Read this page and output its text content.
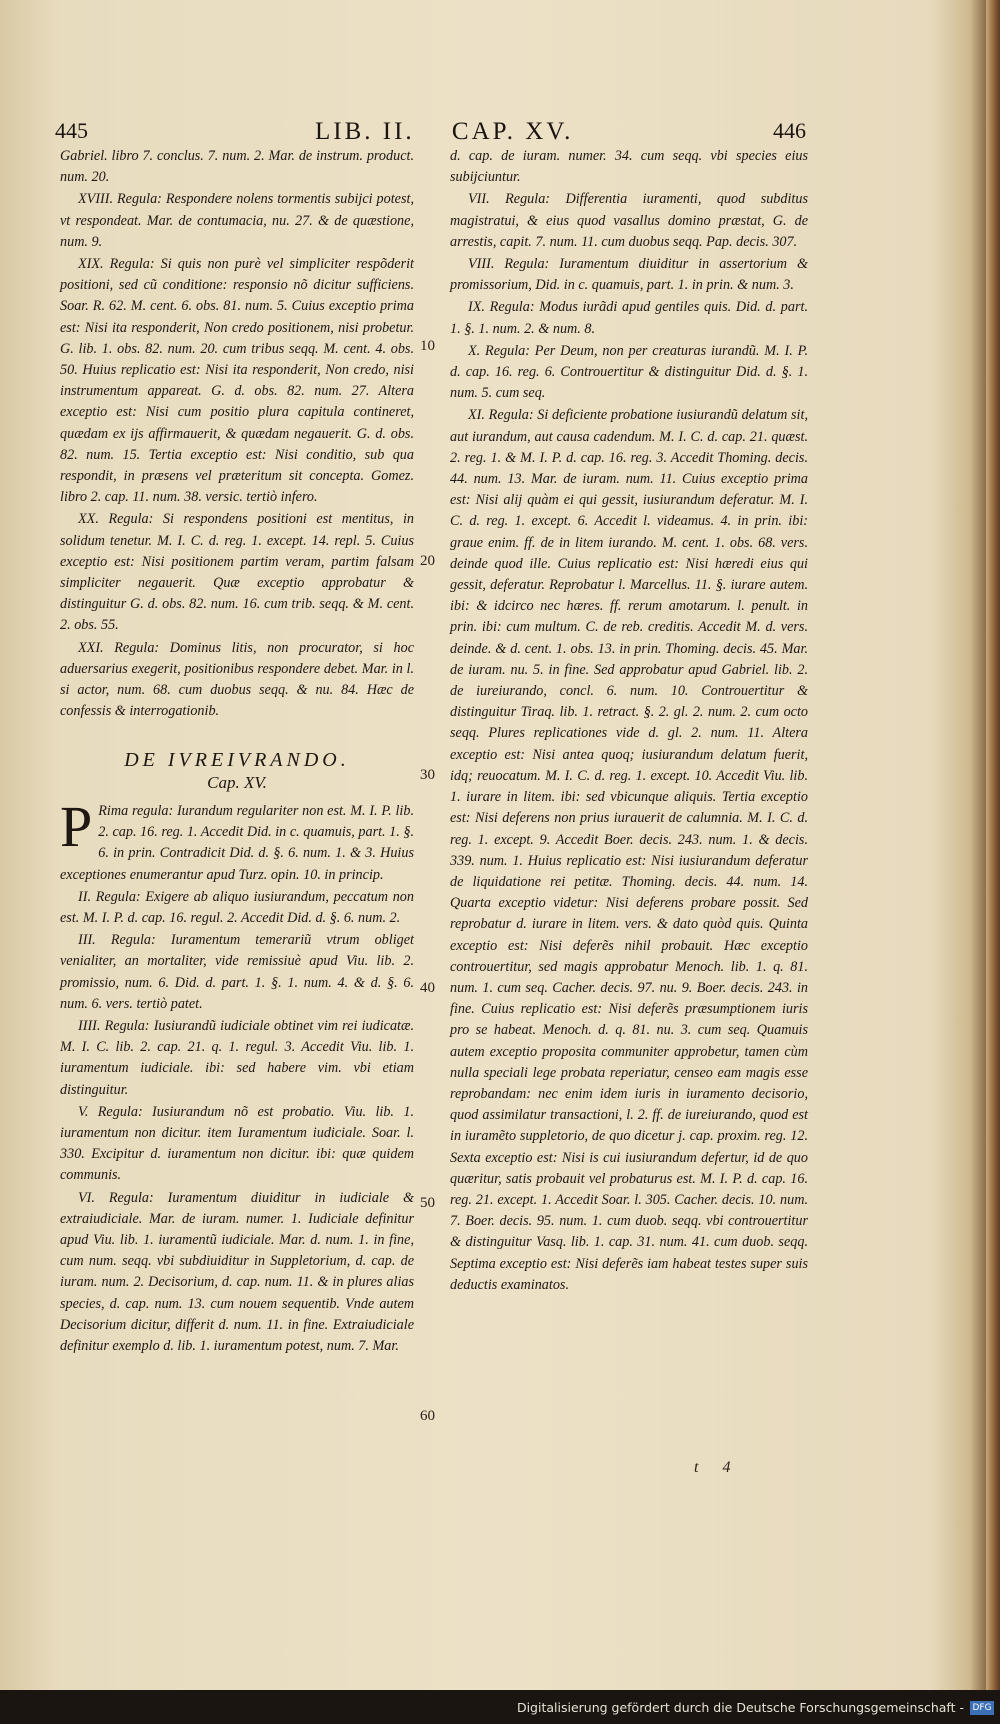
445	LIB. II. CAP. XV.	446

Gabriel. libro 7. conclus. 7. num. 2. Mar. de instrum. product. num. 20.

XVIII. Regula: Respondere nolens tormentis subijci potest, vt respondeat. Mar. de contumacia, nu. 27. & de quæstione, num. 9.

XIX. Regula: Si quis non purè vel simpliciter respõderit positioni, sed cũ conditione: responsio nõ dicitur sufficiens. Soar. R. 62. M. cent. 6. obs. 81. num. 5. Cuius exceptio prima est: Nisi ita responderit, Non credo positionem, nisi probetur. G. lib. 1. obs. 82. num. 20. cum tribus seqq. M. cent. 4. obs. 50. Huius replicatio est: Nisi ita responderit, Non credo, nisi instrumentum appareat. G. d. obs. 82. num. 27. Altera exceptio est: Nisi cum positio plura capitula contineret, quædam ex ijs affirmauerit, & quædam negauerit. G. d. obs. 82. num. 15. Tertia exceptio est: Nisi conditio, sub qua respondit, in præsens vel præteritum sit concepta. Gomez. libro 2. cap. 11. num. 38. versic. tertiò infero.

XX. Regula: Si respondens positioni est mentitus, in solidum tenetur. M. I. C. d. reg. 1. except. 14. repl. 5. Cuius exceptio est: Nisi positionem partim veram, partim falsam simpliciter negauerit. Quæ exceptio approbatur & distinguitur G. d. obs. 82. num. 16. cum trib. seqq. & M. cent. 2. obs. 55.

XXI. Regula: Dominus litis, non procurator, si hoc aduersarius exegerit, positionibus respondere debet. Mar. in l. si actor, num. 68. cum duobus seqq. & nu. 84. Hæc de confessis & interrogationib.

DE IVREIVRANDO.
Cap. XV.

P Rima regula: Iurandum regulariter non est. M. I. P. lib. 2. cap. 16. reg. 1. Accedit Did. in c. quamuis, part. 1. §. 6. in prin. Contradicit Did. d. §. 6. num. 1. & 3. Huius exceptiones enumerantur apud Turz. opin. 10. in princip.

II. Regula: Exigere ab aliquo iusiurandum, peccatum non est. M. I. P. d. cap. 16. regul. 2. Accedit Did. d. §. 6. num. 2.

III. Regula: Iuramentum temerariũ vtrum obliget venialiter, an mortaliter, vide remissiuè apud Viu. lib. 2. promissio, num. 6. Did. d. part. 1. §. 1. num. 4. & d. §. 6. num. 6. vers. tertiò patet.

IIII. Regula: Iusiurandũ iudiciale obtinet vim rei iudicatæ. M. I. C. lib. 2. cap. 21. q. 1. regul. 3. Accedit Viu. lib. 1. iuramentum iudiciale. ibi: sed habere vim. vbi etiam distinguitur.

V. Regula: Iusiurandum nõ est probatio. Viu. lib. 1. iuramentum non dicitur. item Iuramentum iudiciale. Soar. l. 330. Excipitur d. iuramentum non dicitur. ibi: quæ quidem communis.

VI. Regula: Iuramentum diuiditur in iudiciale & extraiudiciale. Mar. de iuram. numer. 1. Iudiciale definitur apud Viu. lib. 1. iuramentũ iudiciale. Mar. d. num. 1. in fine, cum num. seqq. vbi subdiuiditur in Suppletorium, d. cap. de iuram. num. 2. Decisorium, d. cap. num. 11. & in plures alias species, d. cap. num. 13. cum nouem sequentib. Vnde autem Decisorium dicitur, differit d. num. 11. in fine. Extraiudiciale definitur exemplo d. lib. 1. iuramentum potest, num. 7. Mar.

d. cap. de iuram. numer. 34. cum seqq. vbi species eius subijciuntur.

VII. Regula: Differentia iuramenti, quod subditus magistratui, & eius quod vasallus domino præstat, G. de arrestis, capit. 7. num. 11. cum duobus seqq. Pap. decis. 307.

VIII. Regula: Iuramentum diuiditur in assertorium & promissorium, Did. in c. quamuis, part. 1. in prin. & num. 3.

IX. Regula: Modus iurãdi apud gentiles quis. Did. d. part. 1. §. 1. num. 2. & num. 8.

X. Regula: Per Deum, non per creaturas iurandũ. M. I. P. d. cap. 16. reg. 6. Controuertitur & distinguitur Did. d. §. 1. num. 5. cum seq.

XI. Regula: Si deficiente probatione iusiurandũ delatum sit, aut iurandum, aut causa cadendum. M. I. C. d. cap. 21. quæst. 2. reg. 1. & M. I. P. d. cap. 16. reg. 3. Accedit Thoming. decis. 44. num. 13. Mar. de iuram. num. 11. Cuius exceptio prima est: Nisi alij quàm ei qui gessit, iusiurandum deferatur. M. I. C. d. reg. 1. except. 6. Accedit l. videamus. 4. in prin. ibi: graue enim. ff. de in litem iurando. M. cent. 1. obs. 68. vers. deinde quod ille. Cuius replicatio est: Nisi hæredi eius qui gessit, deferatur. Reprobatur l. Marcellus. 11. §. iurare autem. ibi: & idcirco nec hæres. ff. rerum amotarum. l. penult. in prin. ibi: cum multum. C. de reb. creditis. Accedit M. d. vers. deinde. & d. cent. 1. obs. 13. in prin. Thoming. decis. 45. Mar. de iuram. nu. 5. in fine. Sed approbatur apud Gabriel. lib. 2. de iureiurando, concl. 6. num. 10. Controuertitur & distinguitur Tiraq. lib. 1. retract. §. 2. gl. 2. num. 2. cum octo seqq. Plures replicationes vide d. gl. 2. num. 11. Altera exceptio est: Nisi antea quoq; iusiurandum delatum fuerit, idq; reuocatum. M. I. C. d. reg. 1. except. 10. Accedit Viu. lib. 1. iurare in litem. ibi: sed vbicunque aliquis. Tertia exceptio est: Nisi deferens non prius iurauerit de calumnia. M. I. C. d. reg. 1. except. 9. Accedit Boer. decis. 243. num. 1. & decis. 339. num. 1. Huius replicatio est: Nisi iusiurandum deferatur de liquidatione rei petitæ. Thoming. decis. 44. num. 14. Quarta exceptio videtur: Nisi deferens probare possit. Sed reprobatur d. iurare in litem. vers. & dato quòd quis. Quinta exceptio est: Nisi deferẽs nihil probauit. Hæc exceptio controuertitur, sed magis approbatur Menoch. lib. 1. q. 81. num. 1. cum seq. Cacher. decis. 97. nu. 9. Boer. decis. 243. in fine. Cuius replicatio est: Nisi deferẽs præsumptionem iuris pro se habeat. Menoch. d. q. 81. nu. 3. cum seq. Quamuis autem exceptio proposita communiter approbetur, tamen cùm nulla speciali lege probata reperiatur, censeo eam magis esse reprobandam: nec enim idem iuris in iuramento decisorio, quod assimilatur transactioni, l. 2. ff. de iureiurando, quod est in iuramẽto suppletorio, de quo dicetur j. cap. proxim. reg. 12. Sexta exceptio est: Nisi is cui iusiurandum defertur, id de quo quæritur, satis probauit vel probaturus est. M. I. P. d. cap. 16. reg. 21. except. 1. Accedit Soar. l. 305. Cacher. decis. 10. num. 7. Boer. decis. 95. num. 1. cum duob. seqq. vbi controuertitur & distinguitur Vasq. lib. 1. cap. 31. num. 41. cum duob. seqq. Septima exceptio est: Nisi deferẽs iam habeat testes super suis deductis examinatos.

10
20
30
40
50
60
t 4
Digitalisierung gefördert durch die Deutsche Forschungsgemeinschaft - DFG
